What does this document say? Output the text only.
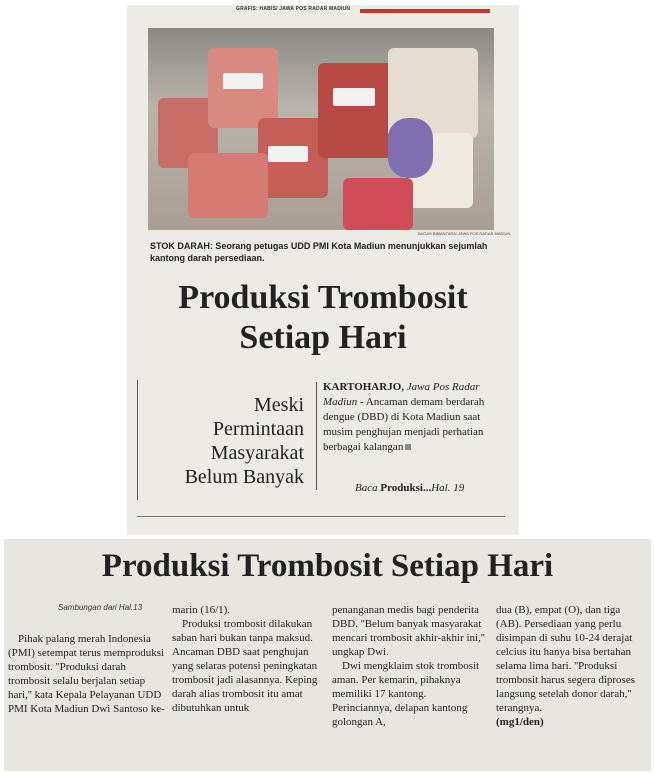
GRAFIS: HABIS/ JAWA POS RADAR MADIUN
BAGAS BIMANTARA/ JAWA POS RADAR MADIUN
STOK DARAH: Seorang petugas UDD PMI Kota Madiun menunjukkan sejumlah kantong darah persediaan.
Produksi Trombosit
Setiap Hari
Meski
Permintaan
Masyarakat
Belum Banyak
KARTOHARJO, Jawa Pos Radar Madiun - Ancaman demam berdarah dengue (DBD) di Kota Madiun saat musim penghujan menjadi perhatian berbagai kalangan
Baca Produksi...Hal. 19
Produksi Trombosit Setiap Hari
Sambungan dari Hal.13

Pihak palang merah Indonesia (PMI) setempat terus memproduksi trombosit. ''Produksi darah trombosit selalu berjalan setiap hari,'' kata Kepala Pelayanan UDD PMI Kota Madiun Dwi Santoso ke-

marin (16/1).

Produksi trombosit dilakukan saban hari bukan tanpa maksud. Ancaman DBD saat penghujan yang selaras potensi peningkatan trombosit jadi alasannya. Keping darah alias trombosit itu amat dibutuhkan untuk

penanganan medis bagi penderita DBD. ''Belum banyak masyarakat mencari trombosit akhir-akhir ini,'' ungkap Dwi.

Dwi mengklaim stok trombosit aman. Per kemarin, pihaknya memiliki 17 kantong. Perinciannya, delapan kantong golongan A,

dua (B), empat (O), dan tiga (AB). Persediaan yang perlu disimpan di suhu 10-24 derajat celcius itu hanya bisa bertahan selama lima hari. ''Produksi trombosit harus segera diproses langsung setelah donor darah,'' terangnya.

(mg1/den)
